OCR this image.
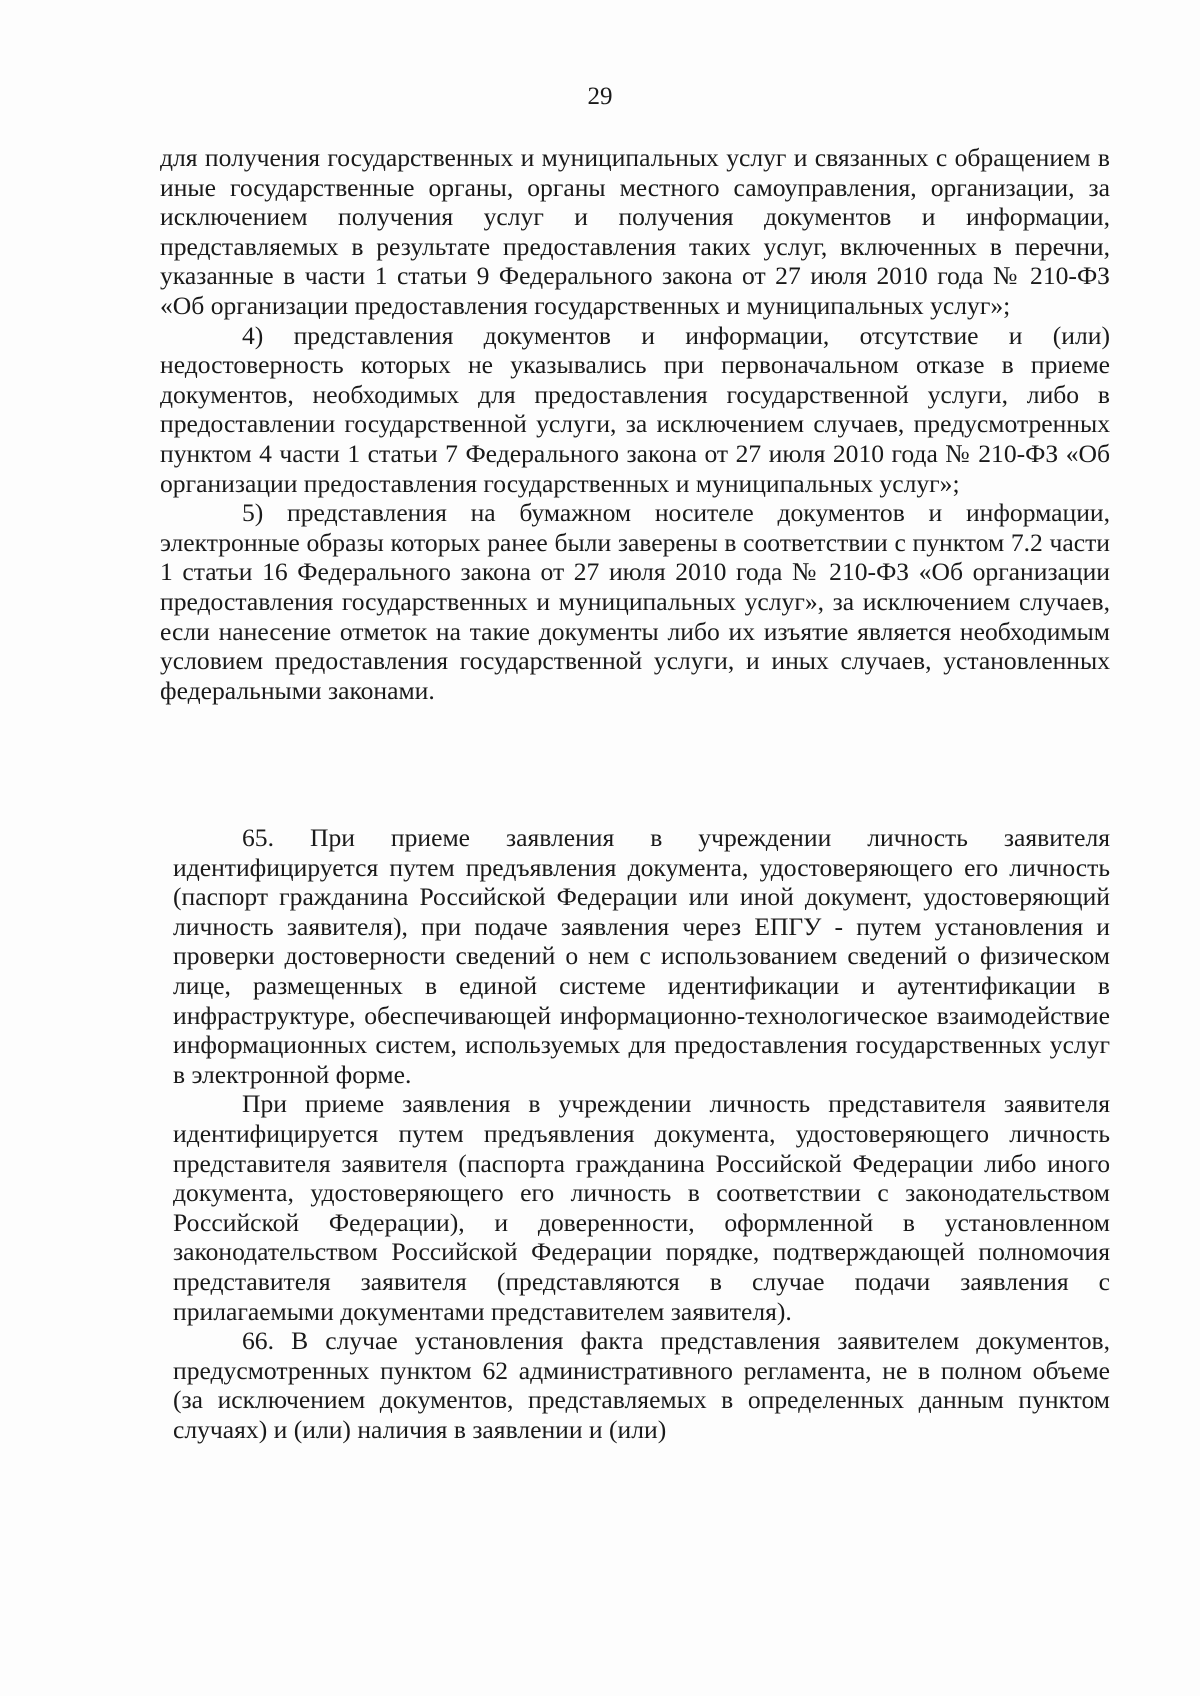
29

для получения государственных и муниципальных услуг и связанных с обращением в иные государственные органы, органы местного самоуправления, организации, за исключением получения услуг и получения документов и информации, представляемых в результате предоставления таких услуг, включенных в перечни, указанные в части 1 статьи 9 Федерального закона от 27 июля 2010 года № 210-ФЗ «Об организации предоставления государственных и муниципальных услуг»;

4) представления документов и информации, отсутствие и (или) недостоверность которых не указывались при первоначальном отказе в приеме документов, необходимых для предоставления государственной услуги, либо в предоставлении государственной услуги, за исключением случаев, предусмотренных пунктом 4 части 1 статьи 7 Федерального закона от 27 июля 2010 года № 210-ФЗ «Об организации предоставления государственных и муниципальных услуг»;

5) представления на бумажном носителе документов и информации, электронные образы которых ранее были заверены в соответствии с пунктом 7.2 части 1 статьи 16 Федерального закона от 27 июля 2010 года № 210-ФЗ «Об организации предоставления государственных и муниципальных услуг», за исключением случаев, если нанесение отметок на такие документы либо их изъятие является необходимым условием предоставления государственной услуги, и иных случаев, установленных федеральными законами.

65. При приеме заявления в учреждении личность заявителя идентифицируется путем предъявления документа, удостоверяющего его личность (паспорт гражданина Российской Федерации или иной документ, удостоверяющий личность заявителя), при подаче заявления через ЕПГУ - путем установления и проверки достоверности сведений о нем с использованием сведений о физическом лице, размещенных в единой системе идентификации и аутентификации в инфраструктуре, обеспечивающей информационно-технологическое взаимодействие информационных систем, используемых для предоставления государственных услуг в электронной форме.

При приеме заявления в учреждении личность представителя заявителя идентифицируется путем предъявления документа, удостоверяющего личность представителя заявителя (паспорта гражданина Российской Федерации либо иного документа, удостоверяющего его личность в соответствии с законодательством Российской Федерации), и доверенности, оформленной в установленном законодательством Российской Федерации порядке, подтверждающей полномочия представителя заявителя (представляются в случае подачи заявления с прилагаемыми документами представителем заявителя).

66. В случае установления факта представления заявителем документов, предусмотренных пунктом 62 административного регламента, не в полном объеме (за исключением документов, представляемых в определенных данным пунктом случаях) и (или) наличия в заявлении и (или)
